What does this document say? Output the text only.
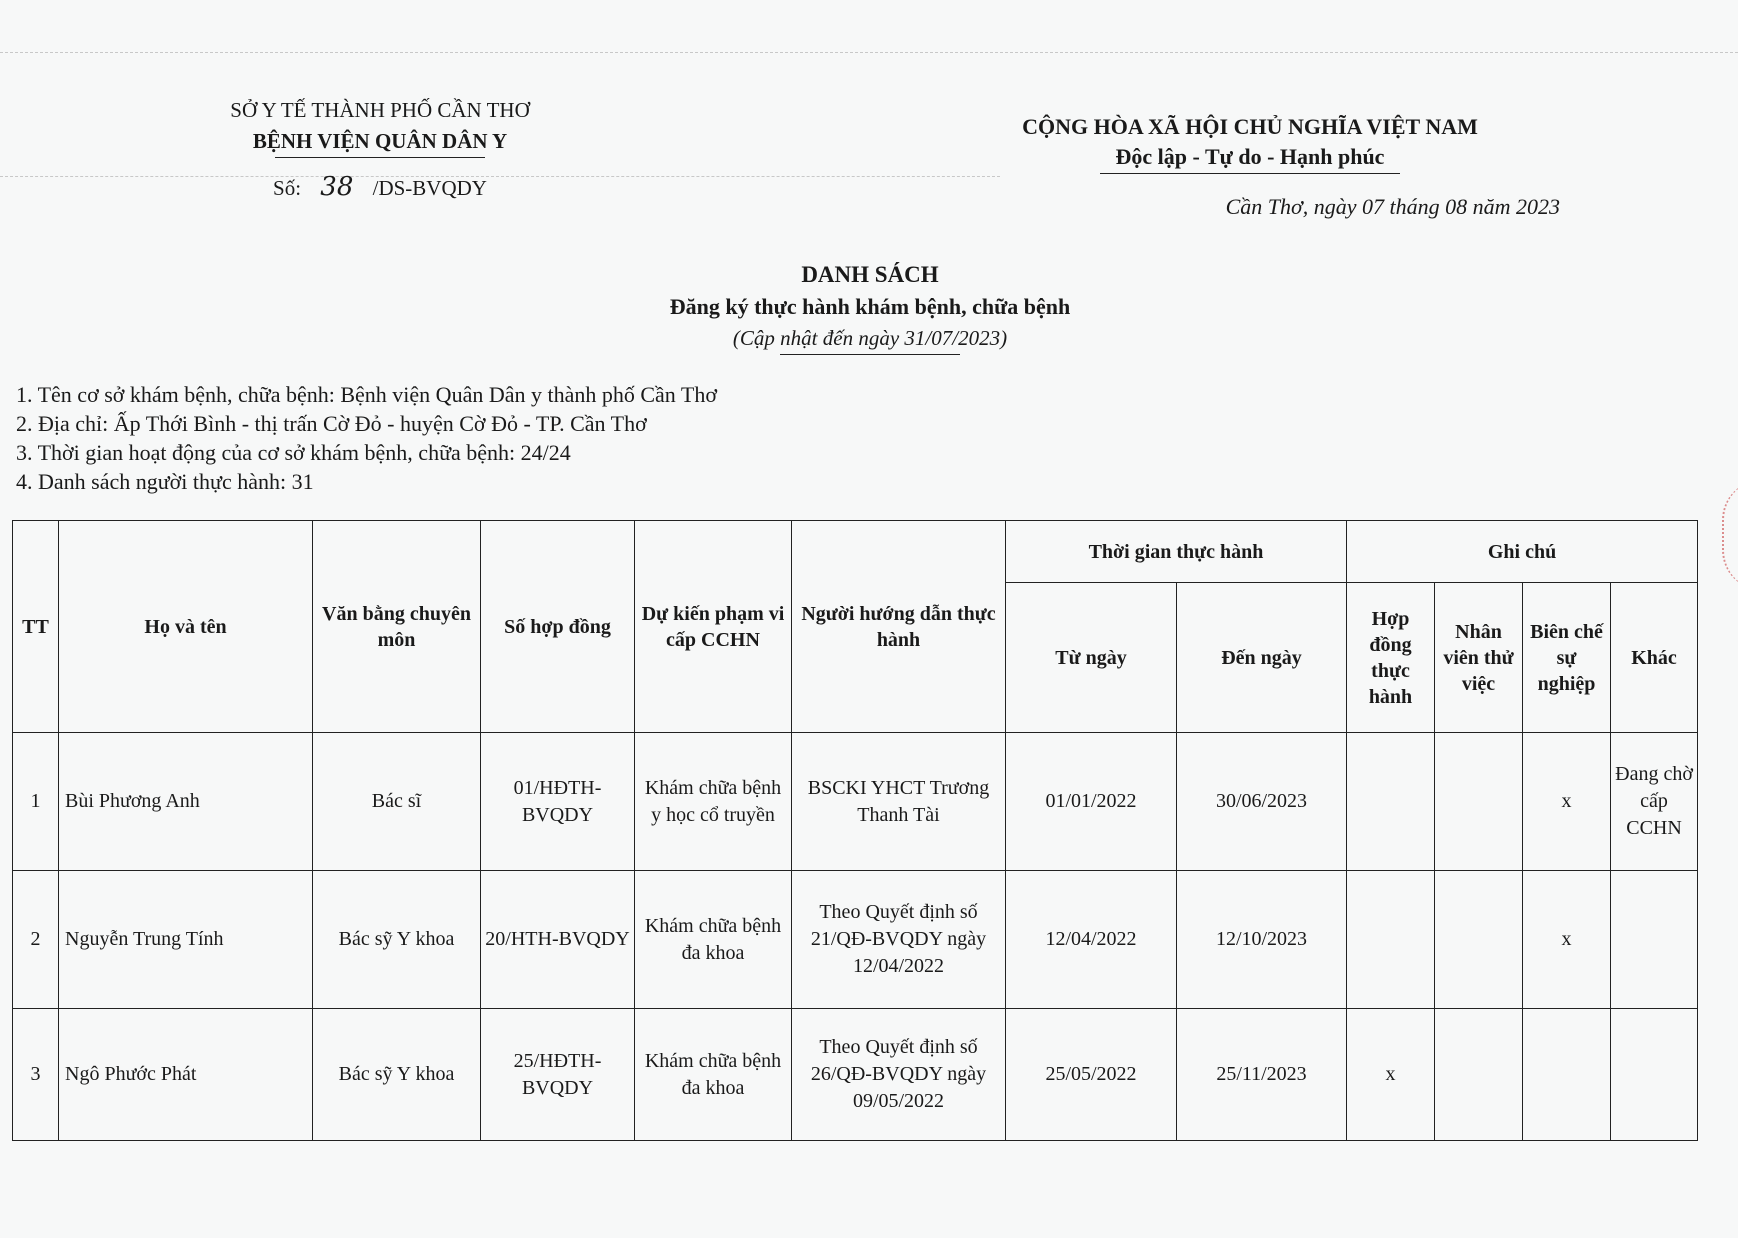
SỞ Y TẾ THÀNH PHỐ CẦN THƠ
BỆNH VIỆN QUÂN DÂN Y
Số: 38 /DS-BVQDY
CỘNG HÒA XÃ HỘI CHỦ NGHĨA VIỆT NAM
Độc lập - Tự do - Hạnh phúc
Cần Thơ, ngày 07 tháng 08 năm 2023
DANH SÁCH
Đăng ký thực hành khám bệnh, chữa bệnh
(Cập nhật đến ngày 31/07/2023)
1. Tên cơ sở khám bệnh, chữa bệnh: Bệnh viện Quân Dân y thành phố Cần Thơ
2. Địa chỉ: Ấp Thới Bình - thị trấn Cờ Đỏ - huyện Cờ Đỏ - TP. Cần Thơ
3. Thời gian hoạt động của cơ sở khám bệnh, chữa bệnh: 24/24
4. Danh sách người thực hành: 31
TT	Họ và tên	Văn bằng chuyên môn	Số hợp đồng	Dự kiến phạm vi cấp CCHN	Người hướng dẫn thực hành	Thời gian thực hành		Ghi chú			
						Từ ngày	Đến ngày	Hợp đồng thực hành	Nhân viên thử việc	Biên chế sự nghiệp	Khác
1	Bùi Phương Anh	Bác sĩ	01/HĐTH-BVQDY	Khám chữa bệnh y học cổ truyền	BSCKI YHCT Trương Thanh Tài	01/01/2022	30/06/2023			x	Đang chờ cấp CCHN
2	Nguyễn Trung Tính	Bác sỹ Y khoa	20/HTH-BVQDY	Khám chữa bệnh đa khoa	Theo Quyết định số 21/QĐ-BVQDY ngày 12/04/2022	12/04/2022	12/10/2023			x	
3	Ngô Phước Phát	Bác sỹ Y khoa	25/HĐTH-BVQDY	Khám chữa bệnh đa khoa	Theo Quyết định số 26/QĐ-BVQDY ngày 09/05/2022	25/05/2022	25/11/2023	x			
